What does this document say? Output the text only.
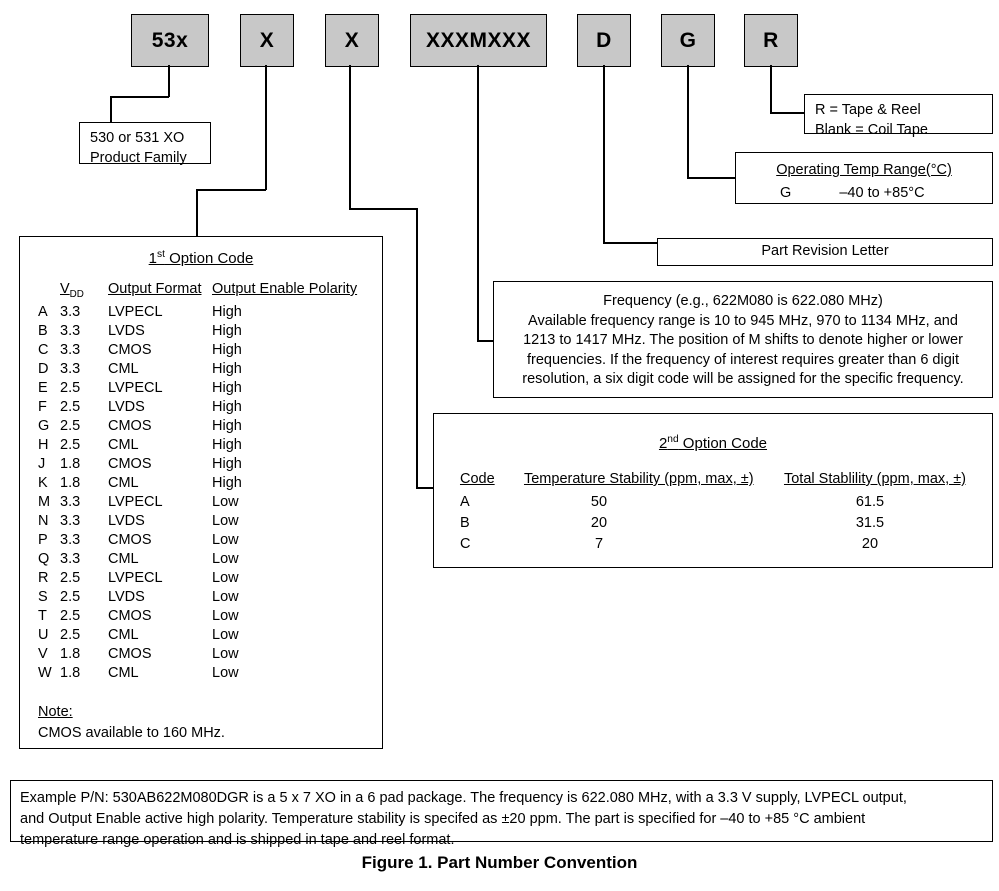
53x	X	X	XXXMXXX	D	G	R
530 or 531 XO
Product Family
R = Tape & Reel
Blank = Coil Tape
Operating Temp Range(°C)
G	–40 to +85°C
Part Revision Letter

Frequency (e.g., 622M080 is 622.080 MHz)

Available frequency range is 10 to 945 MHz, 970 to 1134 MHz, and

1213 to 1417 MHz. The position of M shifts to denote higher or lower

frequencies. If the frequency of interest requires greater than 6 digit

resolution, a six digit code will be assigned for the specific frequency.

1st Option Code
	$V_{DD}$	Output Format	Output Enable Polarity
A	3.3	LVPECL	High
B	3.3	LVDS	High
C	3.3	CMOS	High
D	3.3	CML	High
E	2.5	LVPECL	High
F	2.5	LVDS	High
G	2.5	CMOS	High
H	2.5	CML	High
J	1.8	CMOS	High
K	1.8	CML	High
M	3.3	LVPECL	Low
N	3.3	LVDS	Low
P	3.3	CMOS	Low
Q	3.3	CML	Low
R	2.5	LVPECL	Low
S	2.5	LVDS	Low
T	2.5	CMOS	Low
U	2.5	CML	Low
V	1.8	CMOS	Low
W	1.8	CML	Low
Note:
CMOS available to 160 MHz.
2nd Option Code
Code	Temperature Stability (ppm, max, ±)	Total Stablility (ppm, max, ±)
A	50	61.5
B	20	31.5
C	7	20
Example P/N: 530AB622M080DGR is a 5 x 7 XO in a 6 pad package. The frequency is 622.080 MHz, with a 3.3 V supply, LVPECL output,
and Output Enable active high polarity. Temperature stability is specifed as ±20 ppm. The part is specified for –40 to +85 °C ambient
temperature range operation and is shipped in tape and reel format.
Figure 1. Part Number Convention
